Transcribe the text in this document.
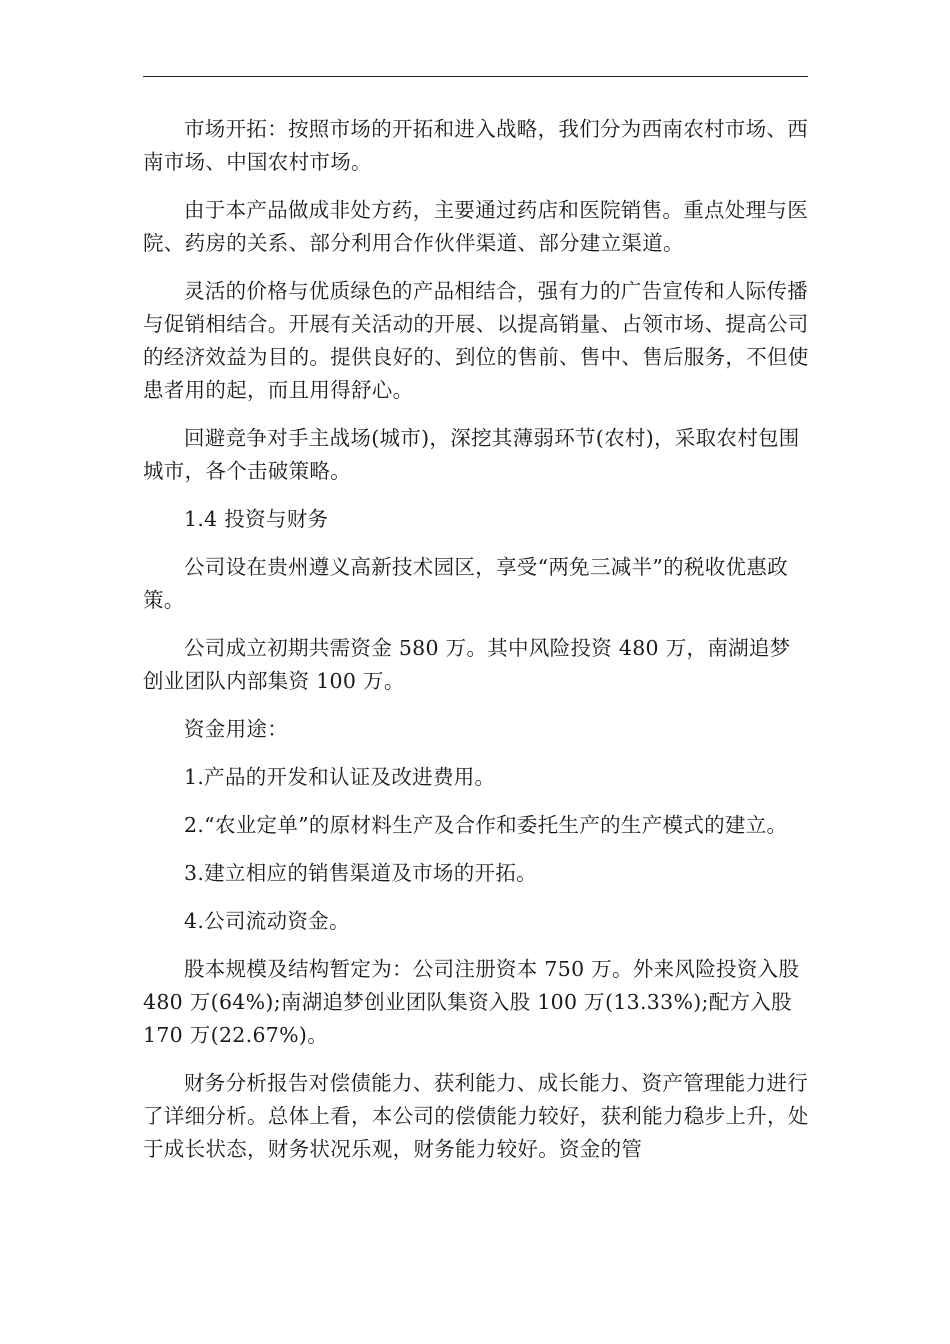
市场开拓：按照市场的开拓和进入战略，我们分为西南农村市场、西南市场、中国农村市场。

由于本产品做成非处方药，主要通过药店和医院销售。重点处理与医院、药房的关系、部分利用合作伙伴渠道、部分建立渠道。

灵活的价格与优质绿色的产品相结合，强有力的广告宣传和人际传播与促销相结合。开展有关活动的开展、以提高销量、占领市场、提高公司的经济效益为目的。提供良好的、到位的售前、售中、售后服务，不但使患者用的起，而且用得舒心。

回避竞争对手主战场(城市)，深挖其薄弱环节(农村)，采取农村包围城市，各个击破策略。

1.4 投资与财务

公司设在贵州遵义高新技术园区，享受“两免三减半”的税收优惠政策。

公司成立初期共需资金 580 万。其中风险投资 480 万，南湖追梦创业团队内部集资 100 万。

资金用途：

1.产品的开发和认证及改进费用。

2.“农业定单”的原材料生产及合作和委托生产的生产模式的建立。

3.建立相应的销售渠道及市场的开拓。

4.公司流动资金。

股本规模及结构暂定为：公司注册资本 750 万。外来风险投资入股 480 万(64%);南湖追梦创业团队集资入股 100 万(13.33%);配方入股 170 万(22.67%)。

财务分析报告对偿债能力、获利能力、成长能力、资产管理能力进行了详细分析。总体上看，本公司的偿债能力较好，获利能力稳步上升，处于成长状态，财务状况乐观，财务能力较好。资金的管
